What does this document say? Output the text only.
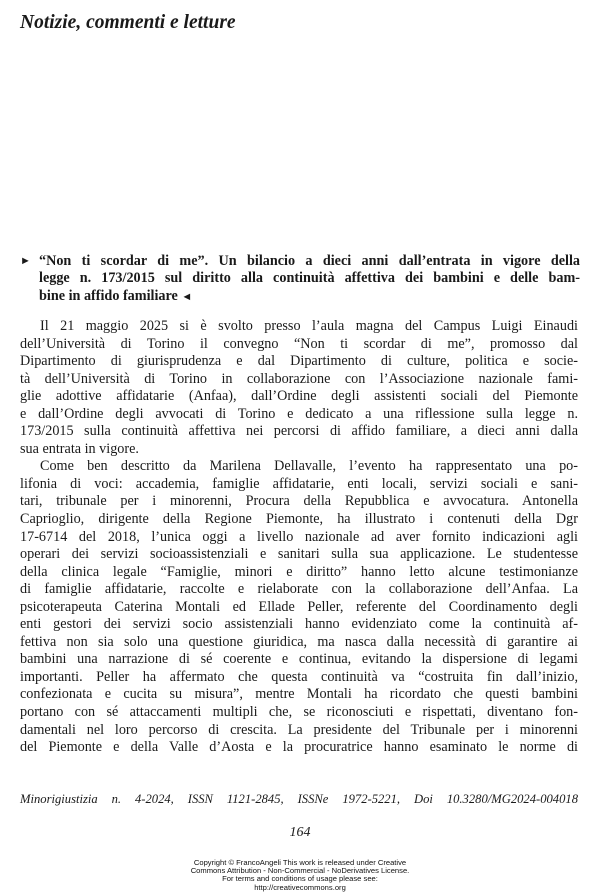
Notizie, commenti e letture
► “Non ti scordar di me”. Un bilancio a dieci anni dall’entrata in vigore della
legge n. 173/2015 sul diritto alla continuità affettiva dei bambini e delle bam-
bine in affido familiare ◄
Il 21 maggio 2025 si è svolto presso l’aula magna del Campus Luigi Einaudi
dell’Università di Torino il convegno “Non ti scordar di me”, promosso dal
Dipartimento di giurisprudenza e dal Dipartimento di culture, politica e socie-
tà dell’Università di Torino in collaborazione con l’Associazione nazionale fami-
glie adottive affidatarie (Anfaa), dall’Ordine degli assistenti sociali del Piemonte
e dall’Ordine degli avvocati di Torino e dedicato a una riflessione sulla legge n.
173/2015 sulla continuità affettiva nei percorsi di affido familiare, a dieci anni dalla
sua entrata in vigore.
Come ben descritto da Marilena Dellavalle, l’evento ha rappresentato una po-
lifonia di voci: accademia, famiglie affidatarie, enti locali, servizi sociali e sani-
tari, tribunale per i minorenni, Procura della Repubblica e avvocatura. Antonella
Caprioglio, dirigente della Regione Piemonte, ha illustrato i contenuti della Dgr
17-6714 del 2018, l’unica oggi a livello nazionale ad aver fornito indicazioni agli
operari dei servizi socioassistenziali e sanitari sulla sua applicazione. Le studentesse
della clinica legale “Famiglie, minori e diritto” hanno letto alcune testimonianze
di famiglie affidatarie, raccolte e rielaborate con la collaborazione dell’Anfaa. La
psicoterapeuta Caterina Montali ed Ellade Peller, referente del Coordinamento degli
enti gestori dei servizi socio assistenziali hanno evidenziato come la continuità af-
fettiva non sia solo una questione giuridica, ma nasca dalla necessità di garantire ai
bambini una narrazione di sé coerente e continua, evitando la dispersione di legami
importanti. Peller ha affermato che questa continuità va “costruita fin dall’inizio,
confezionata e cucita su misura”, mentre Montali ha ricordato che questi bambini
portano con sé attaccamenti multipli che, se riconosciuti e rispettati, diventano fon-
damentali nel loro percorso di crescita. La presidente del Tribunale per i minorenni
del Piemonte e della Valle d’Aosta e la procuratrice hanno esaminato le norme di
Minorigiustizia n. 4-2024, ISSN 1121-2845, ISSNe 1972-5221, Doi 10.3280/MG2024-004018
164
Copyright © FrancoAngeli This work is released under Creative
Commons Attribution - Non-Commercial - NoDerivatives License.
For terms and conditions of usage please see:
http://creativecommons.org
